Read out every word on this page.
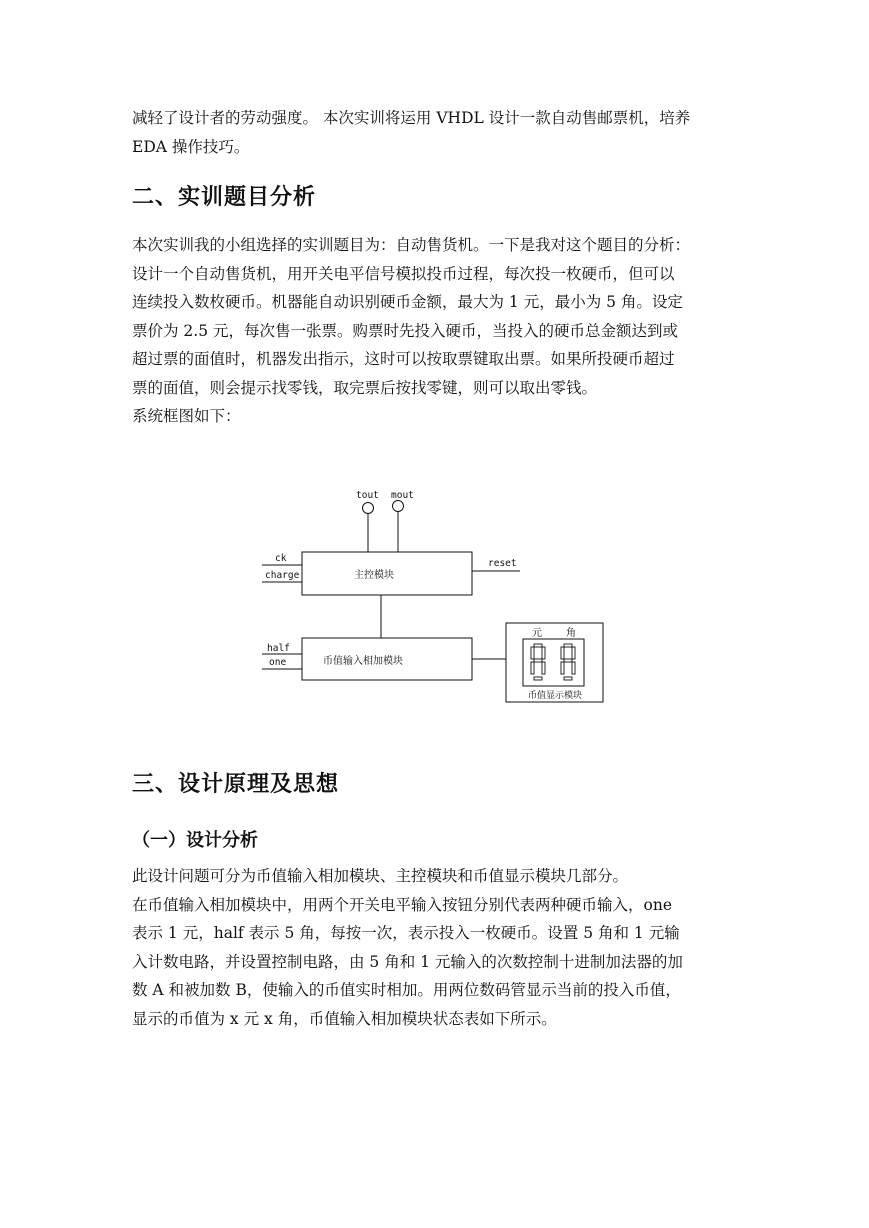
减轻了设计者的劳动强度。 本次实训将运用 VHDL 设计一款自动售邮票机，培养
EDA 操作技巧。
二、实训题目分析
本次实训我的小组选择的实训题目为：自动售货机。一下是我对这个题目的分析：
设计一个自动售货机，用开关电平信号模拟投币过程，每次投一枚硬币，但可以
连续投入数枚硬币。机器能自动识别硬币金额，最大为 1 元，最小为 5 角。设定
票价为 2.5 元，每次售一张票。购票时先投入硬币，当投入的硬币总金额达到或
超过票的面值时，机器发出指示，这时可以按取票键取出票。如果所投硬币超过
票的面值，则会提示找零钱，取完票后按找零键，则可以取出零钱。
系统框图如下：
tout mout
主控模块
ck
charge
reset
币值输入相加模块
half
one
元 角
币值显示模块
三、设计原理及思想
（一）设计分析
此设计问题可分为币值输入相加模块、主控模块和币值显示模块几部分。
在币值输入相加模块中，用两个开关电平输入按钮分别代表两种硬币输入，one
表示 1 元，half 表示 5 角，每按一次，表示投入一枚硬币。设置 5 角和 1 元输
入计数电路，并设置控制电路，由 5 角和 1 元输入的次数控制十进制加法器的加
数 A 和被加数 B，使输入的币值实时相加。用两位数码管显示当前的投入币值，
显示的币值为 x 元 x 角，币值输入相加模块状态表如下所示。
